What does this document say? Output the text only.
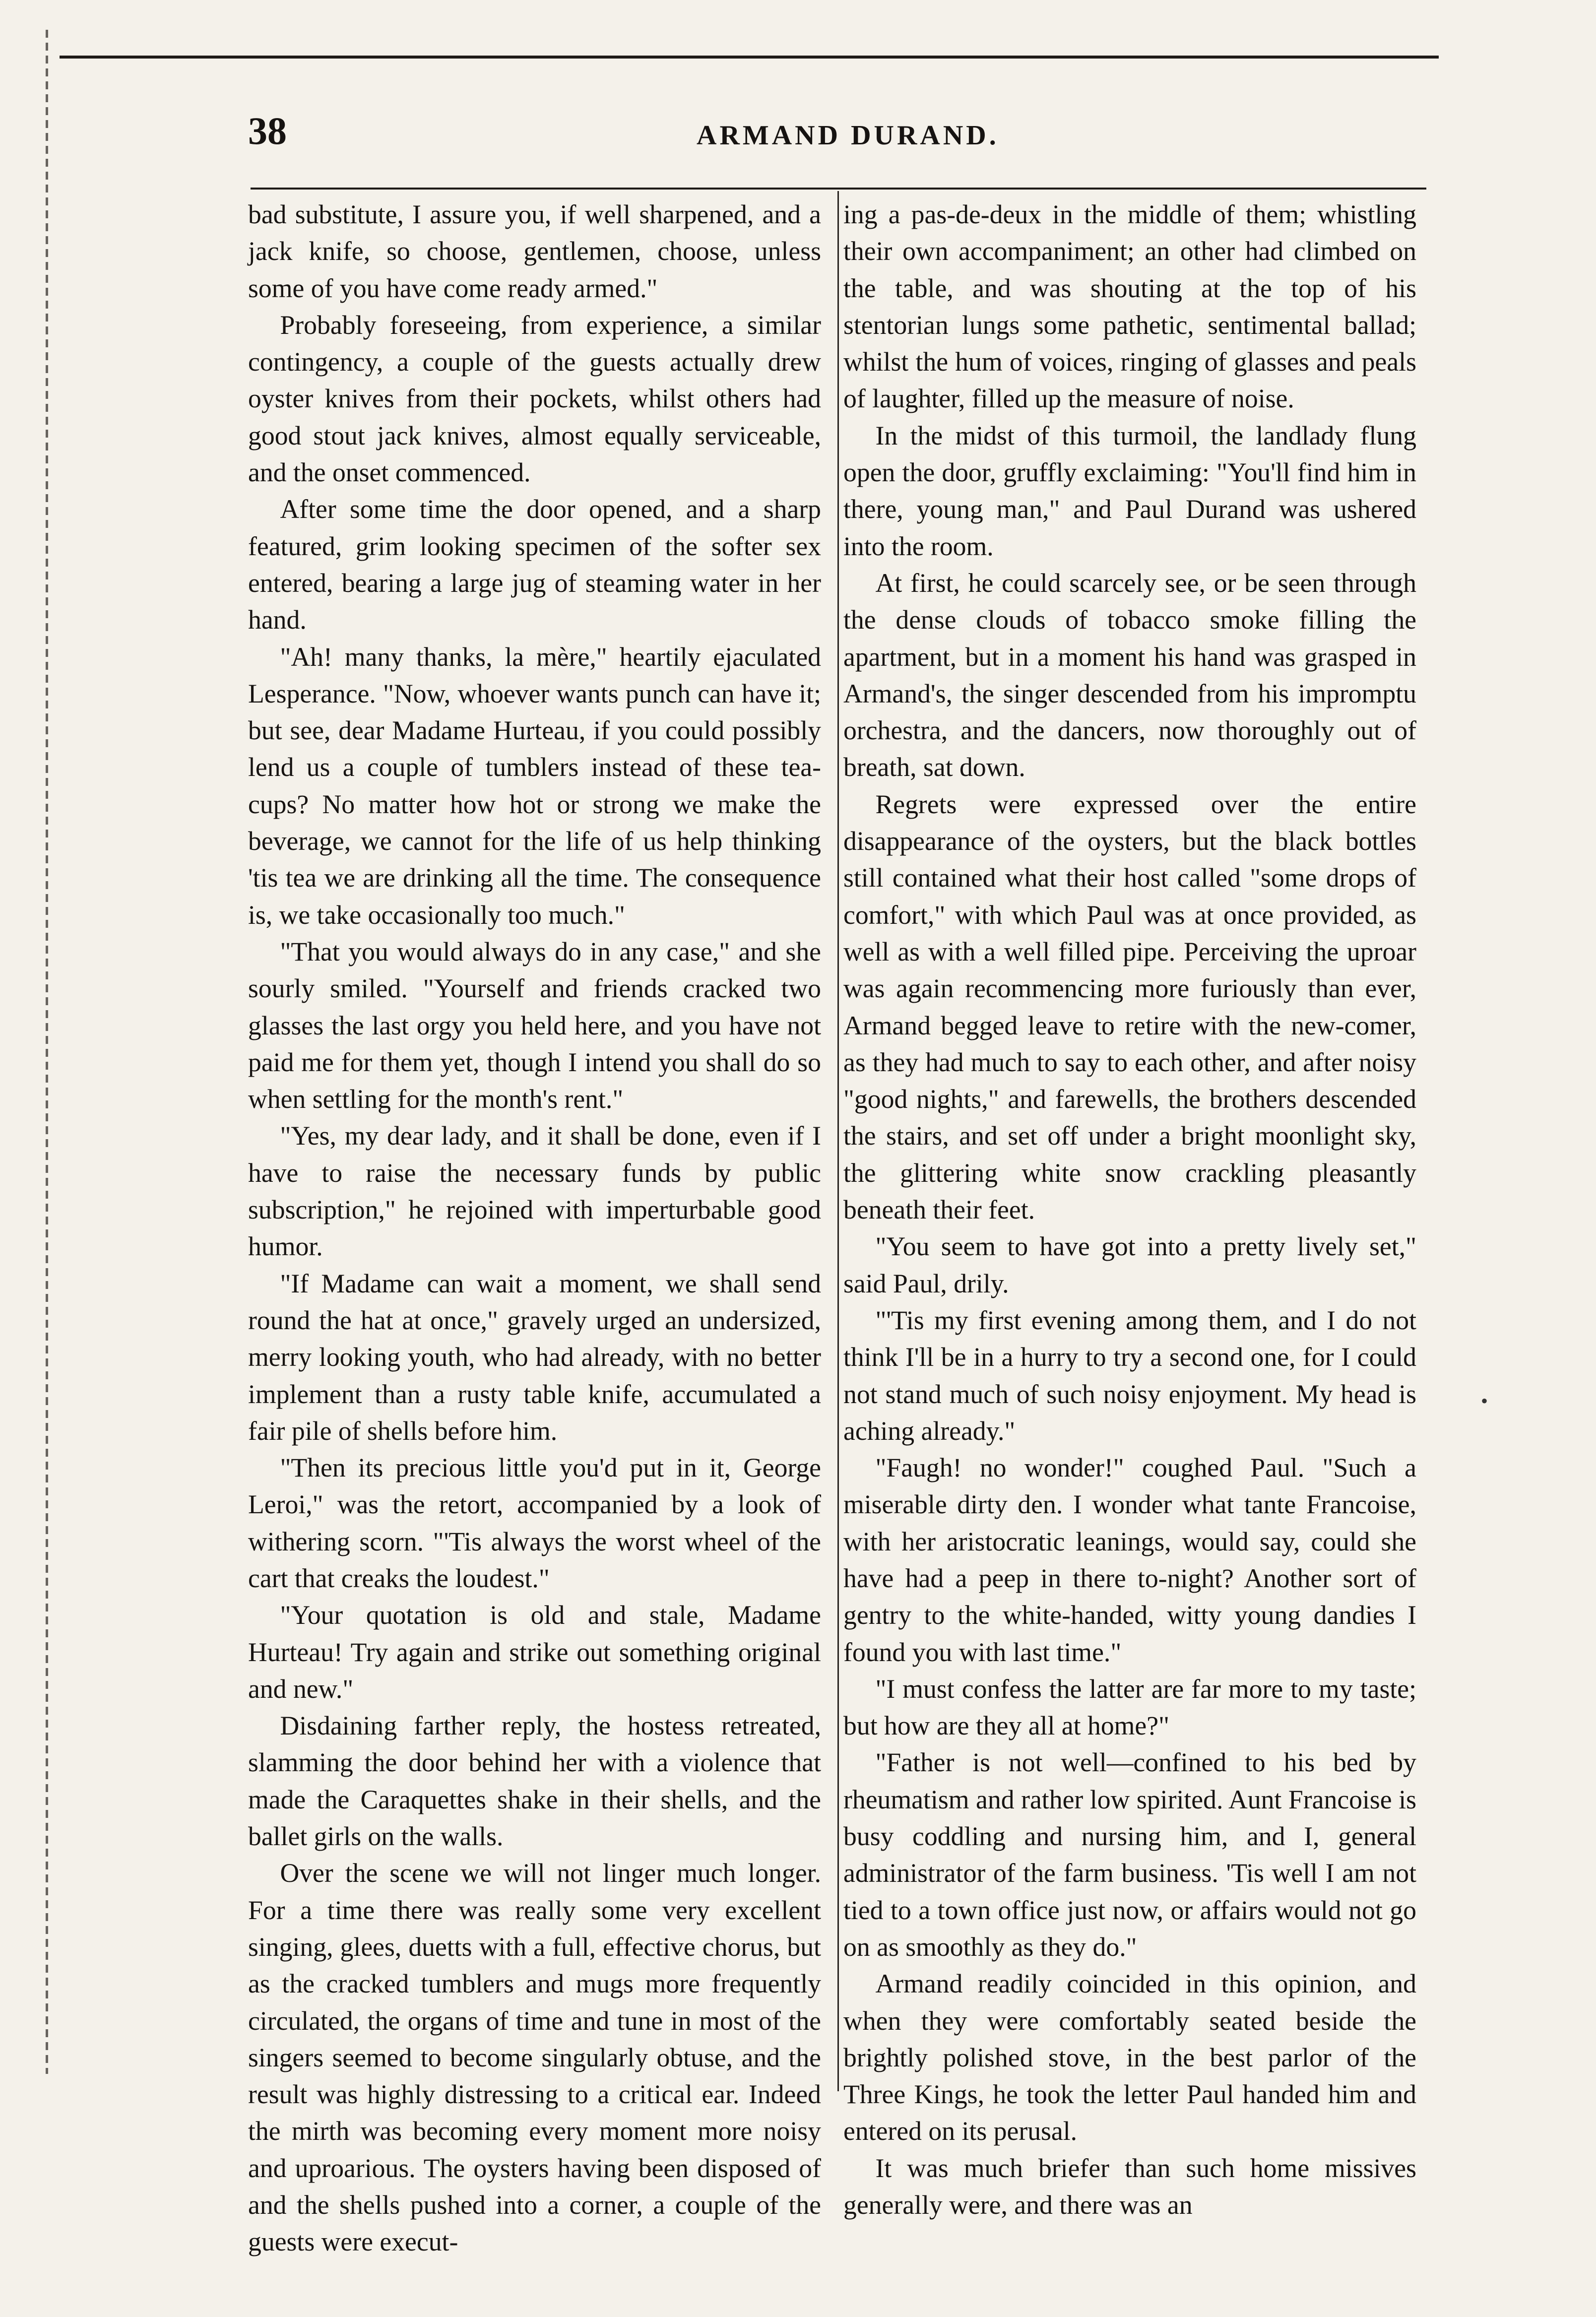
38	ARMAND DURAND.

bad substitute, I assure you, if well sharpened, and a jack knife, so choose, gentlemen, choose, unless some of you have come ready armed."

Probably foreseeing, from experience, a similar contingency, a couple of the guests actually drew oyster knives from their pockets, whilst others had good stout jack knives, almost equally serviceable, and the onset commenced.

After some time the door opened, and a sharp featured, grim looking specimen of the softer sex entered, bearing a large jug of steaming water in her hand.

"Ah! many thanks, la mère," heartily ejaculated Lesperance. "Now, whoever wants punch can have it; but see, dear Madame Hurteau, if you could possibly lend us a couple of tumblers instead of these tea-cups? No matter how hot or strong we make the beverage, we cannot for the life of us help thinking 'tis tea we are drinking all the time. The consequence is, we take occasionally too much."

"That you would always do in any case," and she sourly smiled. "Yourself and friends cracked two glasses the last orgy you held here, and you have not paid me for them yet, though I intend you shall do so when settling for the month's rent."

"Yes, my dear lady, and it shall be done, even if I have to raise the necessary funds by public subscription," he rejoined with imperturbable good humor.

"If Madame can wait a moment, we shall send round the hat at once," gravely urged an undersized, merry looking youth, who had already, with no better implement than a rusty table knife, accumulated a fair pile of shells before him.

"Then its precious little you'd put in it, George Leroi," was the retort, accompanied by a look of withering scorn. "'Tis always the worst wheel of the cart that creaks the loudest."

"Your quotation is old and stale, Madame Hurteau! Try again and strike out something original and new."

Disdaining farther reply, the hostess retreated, slamming the door behind her with a violence that made the Caraquettes shake in their shells, and the ballet girls on the walls.

Over the scene we will not linger much longer. For a time there was really some very excellent singing, glees, duetts with a full, effective chorus, but as the cracked tumblers and mugs more frequently circulated, the organs of time and tune in most of the singers seemed to become singularly obtuse, and the result was highly distressing to a critical ear. Indeed the mirth was becoming every moment more noisy and uproarious. The oysters having been disposed of and the shells pushed into a corner, a couple of the guests were execut-

ing a pas-de-deux in the middle of them; whistling their own accompaniment; an other had climbed on the table, and was shouting at the top of his stentorian lungs some pathetic, sentimental ballad; whilst the hum of voices, ringing of glasses and peals of laughter, filled up the measure of noise.

In the midst of this turmoil, the landlady flung open the door, gruffly exclaiming: "You'll find him in there, young man," and Paul Durand was ushered into the room.

At first, he could scarcely see, or be seen through the dense clouds of tobacco smoke filling the apartment, but in a moment his hand was grasped in Armand's, the singer descended from his impromptu orchestra, and the dancers, now thoroughly out of breath, sat down.

Regrets were expressed over the entire disappearance of the oysters, but the black bottles still contained what their host called "some drops of comfort," with which Paul was at once provided, as well as with a well filled pipe. Perceiving the uproar was again recommencing more furiously than ever, Armand begged leave to retire with the new-comer, as they had much to say to each other, and after noisy "good nights," and farewells, the brothers descended the stairs, and set off under a bright moonlight sky, the glittering white snow crackling pleasantly beneath their feet.

"You seem to have got into a pretty lively set," said Paul, drily.

"'Tis my first evening among them, and I do not think I'll be in a hurry to try a second one, for I could not stand much of such noisy enjoyment. My head is aching already."

"Faugh! no wonder!" coughed Paul. "Such a miserable dirty den. I wonder what tante Francoise, with her aristocratic leanings, would say, could she have had a peep in there to-night? Another sort of gentry to the white-handed, witty young dandies I found you with last time."

"I must confess the latter are far more to my taste; but how are they all at home?"

"Father is not well—confined to his bed by rheumatism and rather low spirited. Aunt Francoise is busy coddling and nursing him, and I, general administrator of the farm business. 'Tis well I am not tied to a town office just now, or affairs would not go on as smoothly as they do."

Armand readily coincided in this opinion, and when they were comfortably seated beside the brightly polished stove, in the best parlor of the Three Kings, he took the letter Paul handed him and entered on its perusal.

It was much briefer than such home missives generally were, and there was an

•
